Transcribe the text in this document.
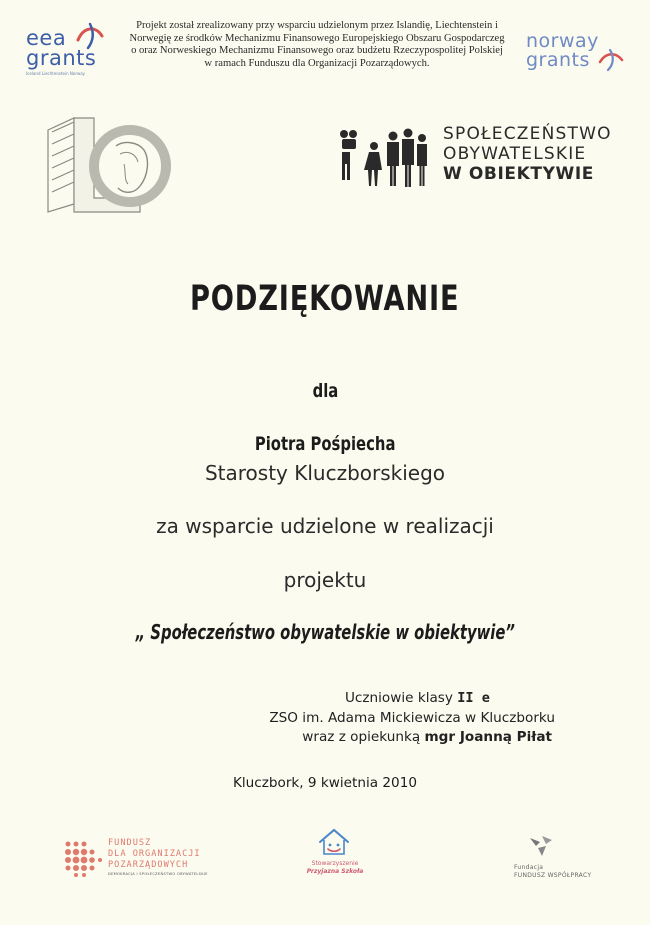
eea
grants
Iceland Liechtenstein Norway
Projekt został zrealizowany przy wsparciu udzielonym przez Islandię, Liechtenstein i
Norwegię ze środków Mechanizmu Finansowego Europejskiego Obszaru Gospodarczeg
o oraz Norweskiego Mechanizmu Finansowego oraz budżetu Rzeczypospolitej Polskiej
w ramach Funduszu dla Organizacji Pozarządowych.
norway
grants
SPOŁECZEŃSTWO
OBYWATELSKIE
W OBIEKTYWIE
PODZIĘKOWANIE
dla
Piotra Pośpiecha
Starosty Kluczborskiego
za wsparcie udzielone w realizacji
projektu
„ Społeczeństwo obywatelskie w obiektywie”
Uczniowie klasy II e
ZSO im. Adama Mickiewicza w Kluczborku
wraz z opiekunką mgr Joanną Piłat
Kluczbork, 9 kwietnia 2010
FUNDUSZ
DLA ORGANIZACJI
POZARZĄDOWYCH
DEMOKRACJA I SPOŁECZEŃSTWO OBYWATELSKIE
Stowarzyszenie
Przyjazna Szkoła
Fundacja
FUNDUSZ WSPÓŁPRACY
